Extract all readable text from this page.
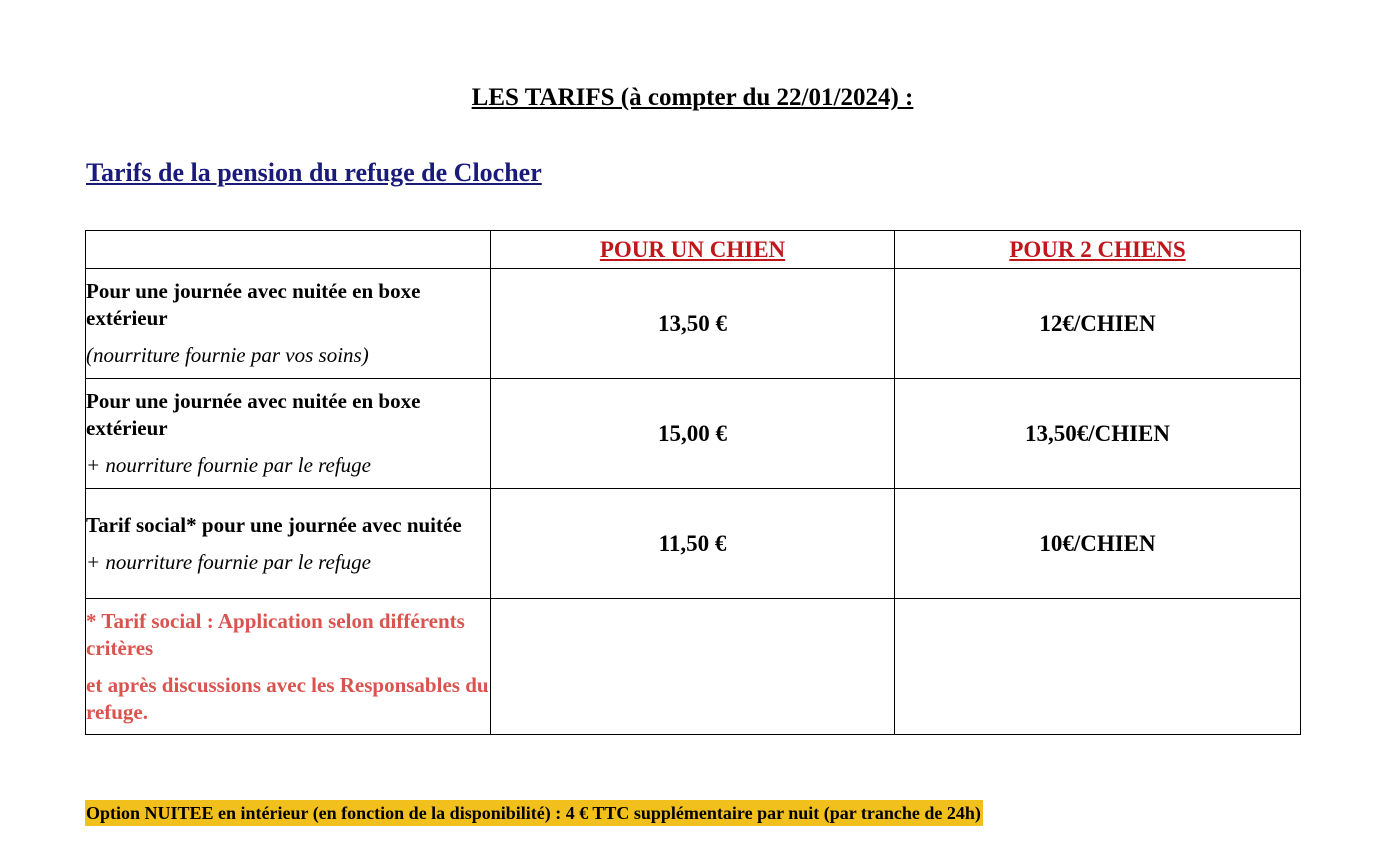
LES TARIFS (à compter du 22/01/2024) :
Tarifs de la pension du refuge de Clocher
	POUR UN CHIEN	POUR 2 CHIENS

Pour une journée avec nuitée en boxe extérieur
(nourriture fournie par vos soins)	13,50 €	12€/CHIEN

Pour une journée avec nuitée en boxe extérieur
+ nourriture fournie par le refuge	15,00 €	13,50€/CHIEN

Tarif social* pour une journée avec nuitée
+ nourriture fournie par le refuge	11,50 €	10€/CHIEN

* Tarif social : Application selon différents critères
et après discussions avec les Responsables du refuge.		

Option NUITEE en intérieur (en fonction de la disponibilité) : 4 € TTC supplémentaire par nuit (par tranche de 24h)
